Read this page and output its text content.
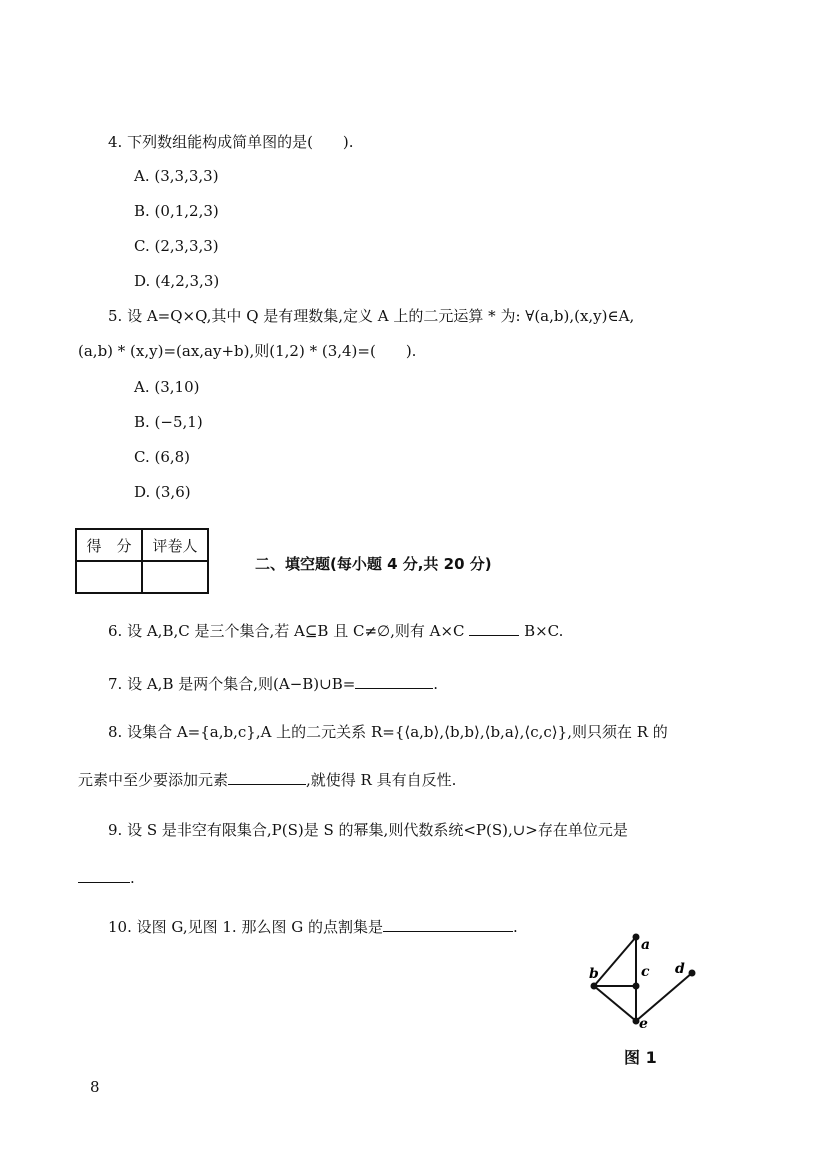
4. 下列数组能构成简单图的是(　　).
A. (3,3,3,3)
B. (0,1,2,3)
C. (2,3,3,3)
D. (4,2,3,3)
5. 设 A=Q×Q,其中 Q 是有理数集,定义 A 上的二元运算 * 为: ∀(a,b),(x,y)∈A,
(a,b) * (x,y)=(ax,ay+b),则(1,2) * (3,4)=(　　).
A. (3,10)
B. (−5,1)
C. (6,8)
D. (3,6)
得　分	评卷人

二、填空题(每小题 4 分,共 20 分)
6. 设 A,B,C 是三个集合,若 A⊆B 且 C≠∅,则有 A×C	B×C.
7. 设 A,B 是两个集合,则(A−B)∪B=	.
8. 设集合 A={a,b,c},A 上的二元关系 R={⟨a,b⟩,⟨b,b⟩,⟨b,a⟩,⟨c,c⟩},则只须在 R 的
元素中至少要添加元素	,就使得 R 具有自反性.
9. 设 S 是非空有限集合,P(S)是 S 的幂集,则代数系统<P(S),∪>存在单位元是
.
10. 设图 G,见图 1. 那么图 G 的点割集是	.
a
b	c d
e
图 1
8
